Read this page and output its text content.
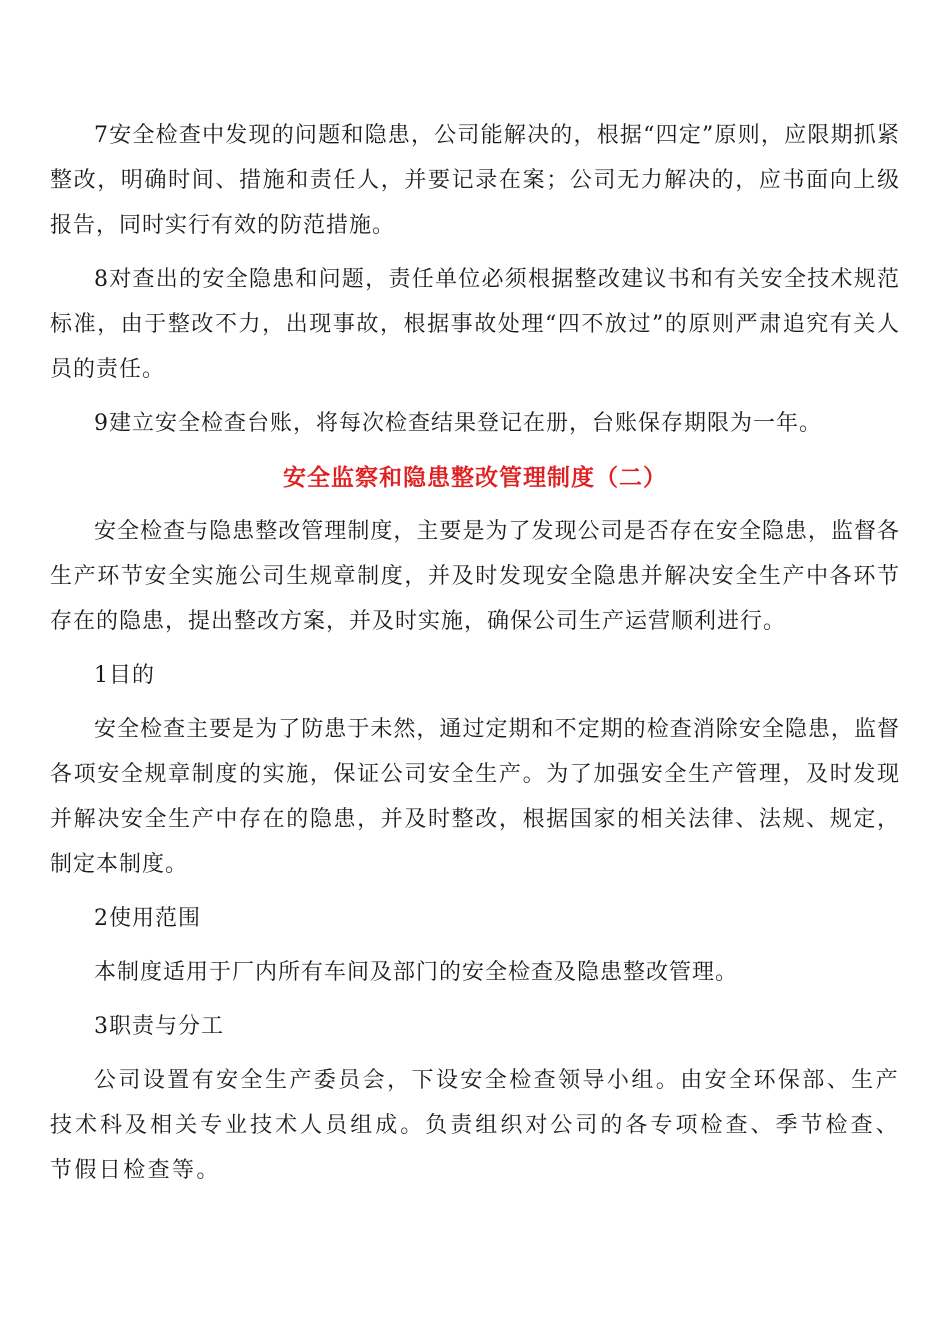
7安全检查中发现的问题和隐患，公司能解决的，根据“四定”原则，应限期抓紧整改，明确时间、措施和责任人，并要记录在案；公司无力解决的，应书面向上级报告，同时实行有效的防范措施。

8对查出的安全隐患和问题，责任单位必须根据整改建议书和有关安全技术规范标准，由于整改不力，出现事故，根据事故处理“四不放过”的原则严肃追究有关人员的责任。

9建立安全检查台账，将每次检查结果登记在册，台账保存期限为一年。

安全监察和隐患整改管理制度（二）

安全检查与隐患整改管理制度，主要是为了发现公司是否存在安全隐患，监督各生产环节安全实施公司生规章制度，并及时发现安全隐患并解决安全生产中各环节存在的隐患，提出整改方案，并及时实施，确保公司生产运营顺利进行。

1目的

安全检查主要是为了防患于未然，通过定期和不定期的检查消除安全隐患，监督各项安全规章制度的实施，保证公司安全生产。为了加强安全生产管理，及时发现并解决安全生产中存在的隐患，并及时整改，根据国家的相关法律、法规、规定，制定本制度。

2使用范围

本制度适用于厂内所有车间及部门的安全检查及隐患整改管理。

3职责与分工

公司设置有安全生产委员会，下设安全检查领导小组。由安全环保部、生产技术科及相关专业技术人员组成。负责组织对公司的各专项检查、季节检查、节假日检查等。
